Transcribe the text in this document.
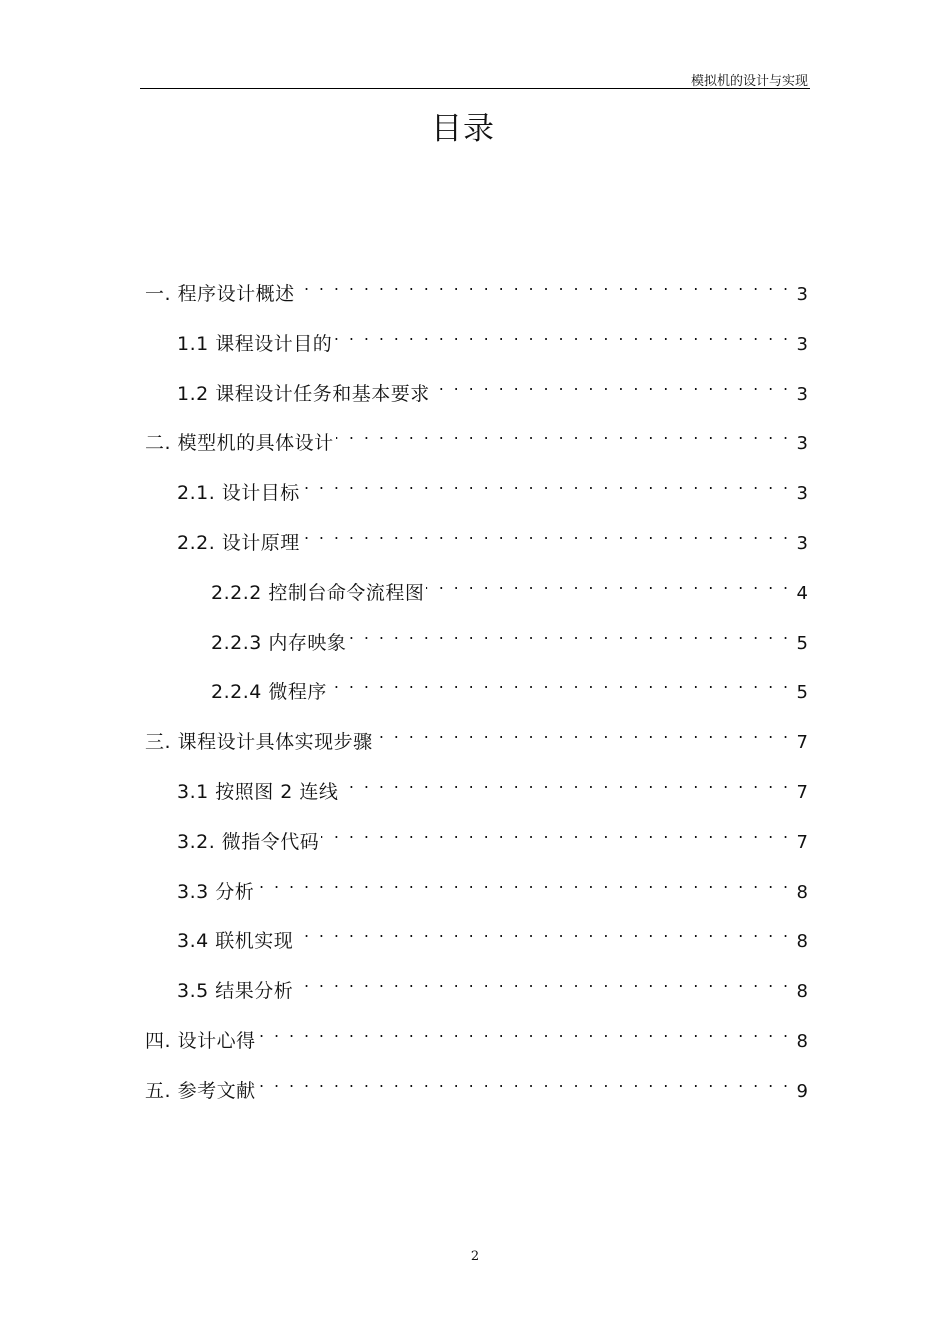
模拟机的设计与实现
目录
一. 程序设计概述 . . .	3
1.1 课程设计目的 . . .	3
1.2 课程设计任务和基本要求 . . .	3
二. 模型机的具体设计 . . .	3
2.1. 设计目标 . . .	3
2.2. 设计原理 . . .	3
2.2.2 控制台命令流程图 . . .	4
2.2.3 内存映象 . . .	5
2.2.4 微程序 . . .	5
三. 课程设计具体实现步骤 . . .	7
3.1 按照图 2 连线 . . .	7
3.2. 微指令代码 . . .	7
3.3 分析 . . .	8
3.4 联机实现 . . .	8
3.5 结果分析 . . .	8
四. 设计心得 . . .	8
五. 参考文献 . . .	9
2
